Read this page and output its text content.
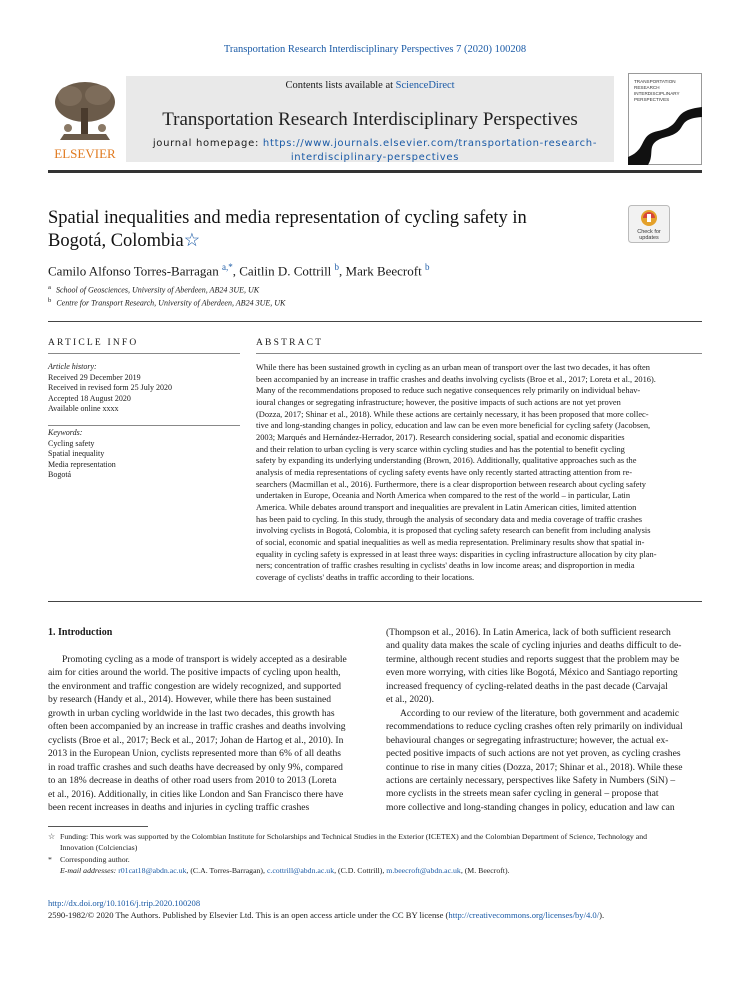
Transportation Research Interdisciplinary Perspectives 7 (2020) 100208
ELSEVIER
Contents lists available at ScienceDirect
Transportation Research Interdisciplinary Perspectives
journal homepage: https://www.journals.elsevier.com/transportation-research-
interdisciplinary-perspectives
TRANSPORTATION
RESEARCH
INTERDISCIPLINARY
PERSPECTIVES
Spatial inequalities and media representation of cycling safety in
Bogotá, Colombia☆	Check for
updates
Camilo Alfonso Torres-Barragan $^{a,*}$, Caitlin D. Cottrill $^b$, Mark Beecroft $^b$
$^a$ School of Geosciences, University of Aberdeen, AB24 3UE, UK
$^b$ Centre for Transport Research, University of Aberdeen, AB24 3UE, UK
ARTICLE INFO
Article history:
Received 29 December 2019
Received in revised form 25 July 2020
Accepted 18 August 2020
Available online xxxx
Keywords:
Cycling safety
Spatial inequality
Media representation
Bogotá
ABSTRACT
While there has been sustained growth in cycling as an urban mean of transport over the last two decades, it has often
been accompanied by an increase in traffic crashes and deaths involving cyclists (Broe et al., 2017; Loreta et al., 2016).
Many of the recommendations proposed to reduce such negative consequences rely primarily on individual behav-
ioural changes or segregating infrastructure; however, the positive impacts of such actions are not yet proven
(Dozza, 2017; Shinar et al., 2018). While these actions are certainly necessary, it has been proposed that more collec-
tive and long-standing changes in policy, education and law can be even more beneficial for cycling safety (Jacobsen,
2003; Marqués and Hernández-Herrador, 2017). Research considering social, spatial and economic disparities
and their relation to urban cycling is very scarce within cycling studies and has the potential to benefit cycling
safety by expanding its underlying understanding (Brown, 2016). Additionally, qualitative approaches such as the
analysis of media representations of cycling safety events have only recently started attracting attention from re-
searchers (Macmillan et al., 2016). Furthermore, there is a clear disproportion between research about cycling safety
undertaken in Europe, Oceania and North America when compared to the rest of the world – in particular, Latin
America. While debates around transport and inequalities are prevalent in Latin American cities, limited attention
has been paid to cycling. In this study, through the analysis of secondary data and media coverage of traffic crashes
involving cyclists in Bogotá, Colombia, it is proposed that cycling safety research can benefit from including analysis
of social, economic and spatial inequalities as well as media representation. Preliminary results show that spatial in-
equality in cycling safety is expressed in at least three ways: disparities in cycling infrastructure allocation by city plan-
ners; concentration of traffic crashes resulting in cyclists' deaths in low income areas; and disproportion in media
coverage of cyclists' deaths in traffic according to their locations.
1. Introduction
Promoting cycling as a mode of transport is widely accepted as a desirable
aim for cities around the world. The positive impacts of cycling upon health,
the environment and traffic congestion are widely recognized, and supported
by research (Handy et al., 2014). However, while there has been sustained
growth in urban cycling worldwide in the last two decades, this growth has
often been accompanied by an increase in traffic crashes and deaths involving
cyclists (Broe et al., 2017; Beck et al., 2017; Johan de Hartog et al., 2010). In
2013 in the European Union, cyclists represented more than 6% of all deaths
in road traffic crashes and such deaths have decreased by only 9%, compared
to an 18% decrease in deaths of other road users from 2010 to 2013 (Loreta
et al., 2016). Additionally, in cities like London and San Francisco there have
been recent increases in deaths and injuries in cycling traffic crashes
(Thompson et al., 2016). In Latin America, lack of both sufficient research
and quality data makes the scale of cycling injuries and deaths difficult to de-
termine, although recent studies and reports suggest that the problem may be
even more worrying, with cities like Bogotá, México and Santiago reporting
increased frequency of cycling-related deaths in the past decade (Carvajal
et al., 2020).
According to our review of the literature, both government and academic
recommendations to reduce cycling crashes often rely primarily on individual
behavioural changes or segregating infrastructure; however, the actual ex-
pected positive impacts of such actions are not yet proven, as cycling crashes
continue to rise in many cities (Dozza, 2017; Shinar et al., 2018). While these
actions are certainly necessary, perspectives like Safety in Numbers (SiN) –
more cyclists in the streets mean safer cycling in general – propose that
more collective and long-standing changes in policy, education and law can
☆ Funding: This work was supported by the Colombian Institute for Scholarships and Technical Studies in the Exterior (ICETEX) and the Colombian Department of Science, Technology and
Innovation (Colciencias)
* Corresponding author.
E-mail addresses: r01cat18@abdn.ac.uk, (C.A. Torres-Barragan), c.cottrill@abdn.ac.uk, (C.D. Cottrill), m.beecroft@abdn.ac.uk, (M. Beecroft).
http://dx.doi.org/10.1016/j.trip.2020.100208
2590-1982/© 2020 The Authors. Published by Elsevier Ltd. This is an open access article under the CC BY license (http://creativecommons.org/licenses/by/4.0/).
